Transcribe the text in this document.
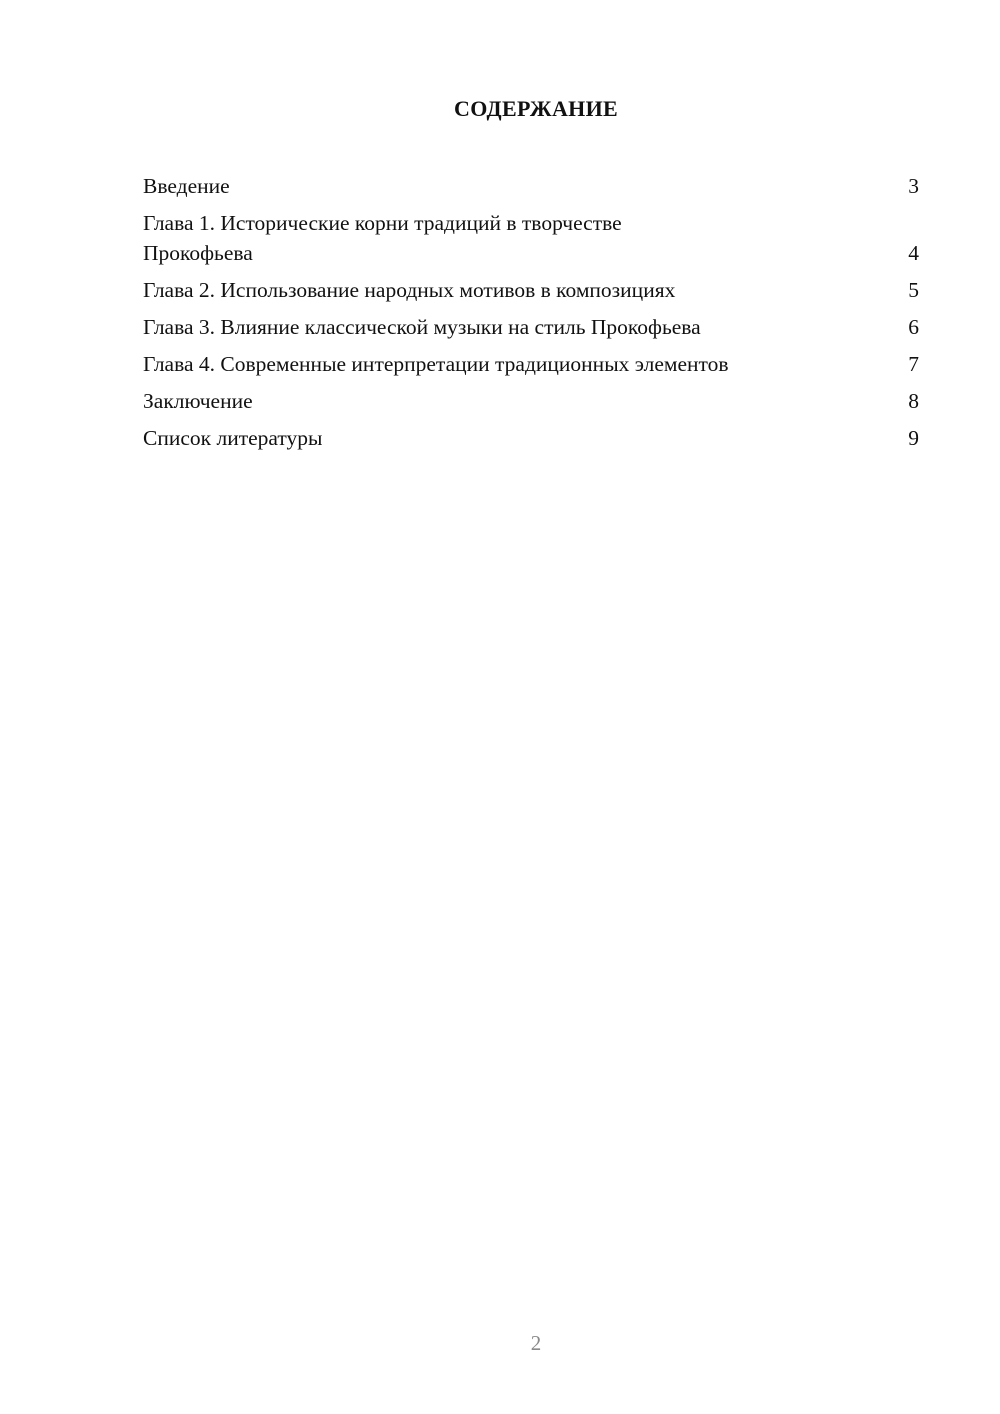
СОДЕРЖАНИЕ
Введение	3
Глава 1. Исторические корни традиций в творчестве Прокофьева	4
Глава 2. Использование народных мотивов в композициях	5
Глава 3. Влияние классической музыки на стиль Прокофьева	6
Глава 4. Современные интерпретации традиционных элементов	7
Заключение	8
Список литературы	9
2
